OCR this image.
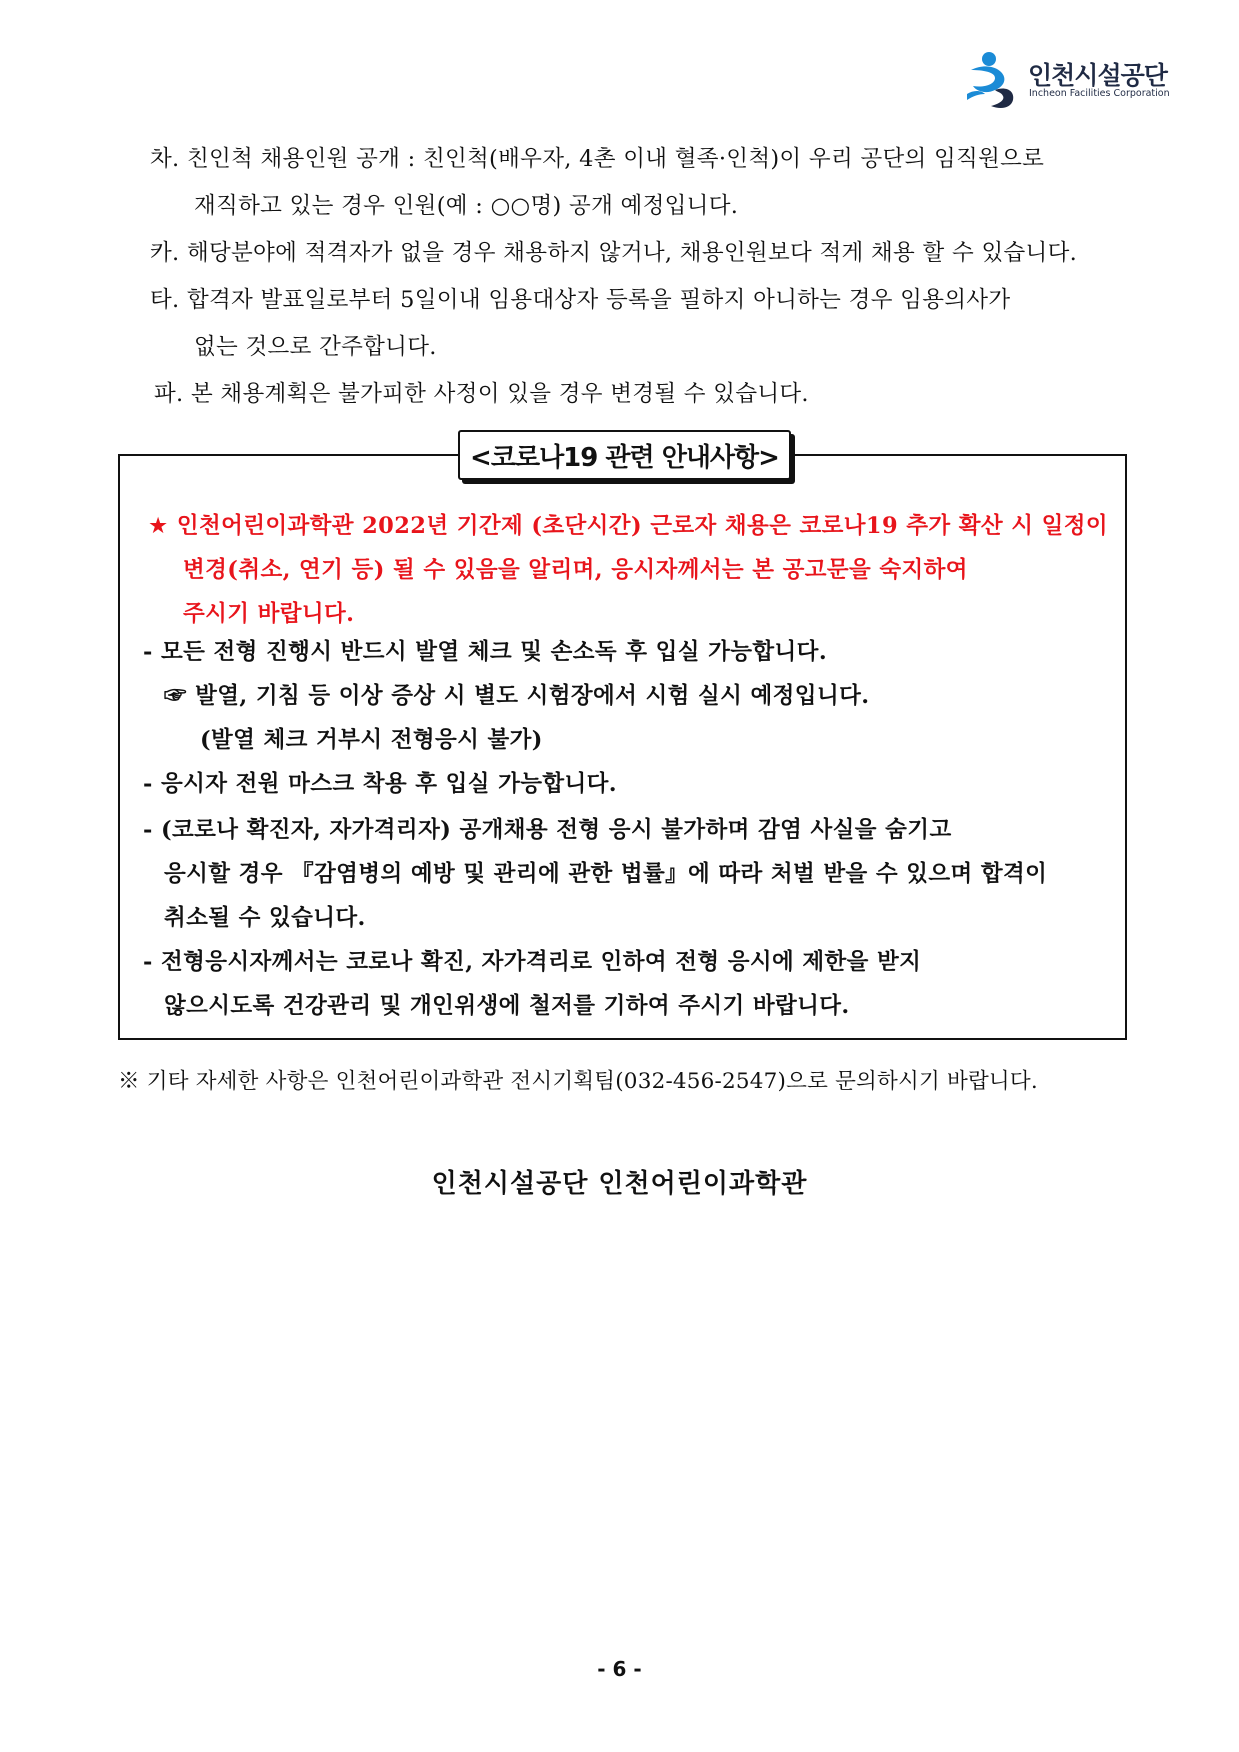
인천시설공단
Incheon Facilities Corporation
차. 친인척 채용인원 공개 : 친인척(배우자, 4촌 이내 혈족·인척)이 우리 공단의 임직원으로
재직하고 있는 경우 인원(예 : ○○명) 공개 예정입니다.
카. 해당분야에 적격자가 없을 경우 채용하지 않거나, 채용인원보다 적게 채용 할 수 있습니다.
타. 합격자 발표일로부터 5일이내 임용대상자 등록을 필하지 아니하는 경우 임용의사가
없는 것으로 간주합니다.
파. 본 채용계획은 불가피한 사정이 있을 경우 변경될 수 있습니다.
<코로나19 관련 안내사항>
★ 인천어린이과학관 2022년 기간제 (초단시간) 근로자 채용은 코로나19 추가 확산 시 일정이
변경(취소, 연기 등) 될 수 있음을 알리며, 응시자께서는 본 공고문을 숙지하여
주시기 바랍니다.
- 모든 전형 진행시 반드시 발열 체크 및 손소독 후 입실 가능합니다.
☞ 발열, 기침 등 이상 증상 시 별도 시험장에서 시험 실시 예정입니다.
(발열 체크 거부시 전형응시 불가)
- 응시자 전원 마스크 착용 후 입실 가능합니다.
- (코로나 확진자, 자가격리자) 공개채용 전형 응시 불가하며 감염 사실을 숨기고
응시할 경우 『감염병의 예방 및 관리에 관한 법률』에 따라 처벌 받을 수 있으며 합격이
취소될 수 있습니다.
- 전형응시자께서는 코로나 확진, 자가격리로 인하여 전형 응시에 제한을 받지
않으시도록 건강관리 및 개인위생에 철저를 기하여 주시기 바랍니다.
※ 기타 자세한 사항은 인천어린이과학관 전시기획팀(032-456-2547)으로 문의하시기 바랍니다.
인천시설공단 인천어린이과학관
- 6 -
